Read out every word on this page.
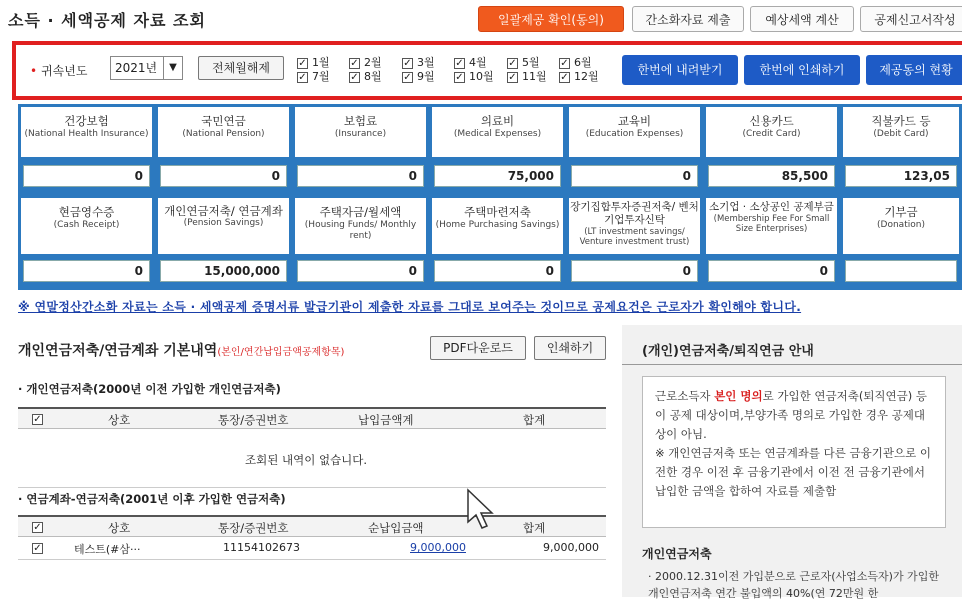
소득 · 세액공제 자료 조회	일괄제공 확인(동의)	간소화자료 제출	예상세액 계산	공제신고서작성
• 귀속년도	2021년	▼	전체월해제	✓ 1월
✓ 7월
✓ 2월
✓ 8월
✓ 3월
✓ 9월
✓ 4월
✓ 10월
✓ 5월
✓ 11월
✓ 6월
✓ 12월	한번에 내려받기	한번에 인쇄하기	제공동의 현황
건강보험
(National Health Insurance)
0
국민연금
(National Pension)
0
보험료
(Insurance)
0
의료비
(Medical Expenses)
75,000
교육비
(Education Expenses)
0
신용카드
(Credit Card)
85,500
직불카드 등
(Debit Card)
123,05
현금영수증
(Cash Receipt)
0
개인연금저축/ 연금계좌
(Pension Savings)
15,000,000
주택자금/월세액
(Housing Funds/ Monthly rent)
0
주택마련저축
(Home Purchasing Savings)
0
장기집합투자증권저축/ 벤처기업투자신탁
(LT investment savings/ Venture investment trust)
0
소기업 · 소상공인 공제부금
(Membership Fee For Small Size Enterprises)
0
기부금
(Donation)
※ 연말정산간소화 자료는 소득 · 세액공제 증명서류 발급기관이 제출한 자료를 그대로 보여주는 것이므로 공제요건은 근로자가 확인해야 합니다.
개인연금저축/연금계좌 기본내역(본인/연간납입금액공제항목)	PDF다운로드	인쇄하기
· 개인연금저축(2000년 이전 가입한 개인연금저축)
✓	상호	통장/증권번호	납입금액계	합계
조회된 내역이 없습니다.
· 연금계좌-연금저축(2001년 이후 가입한 연금저축)
✓	상호	통장/증권번호	순납입금액	합계
✓	테스트(#삼···	11154102673	9,000,000	9,000,000
(개인)연금저축/퇴직연금 안내
근로소득자 본인 명의로 가입한 연금저축(퇴직연금) 등이 공제 대상이며,부양가족 명의로 가입한 경우 공제대상이 아님.
※ 개인연금저축 또는 연금계좌를 다른 금융기관으로 이전한 경우 이전 후 금융기관에서 이전 전 금융기관에서 납입한 금액을 합하여 자료를 제출함
개인연금저축
· 2000.12.31이전 가입분으로 근로자(사업소득자)가 가입한 개인연금저축 연간 불입액의 40%(연 72만원 한
